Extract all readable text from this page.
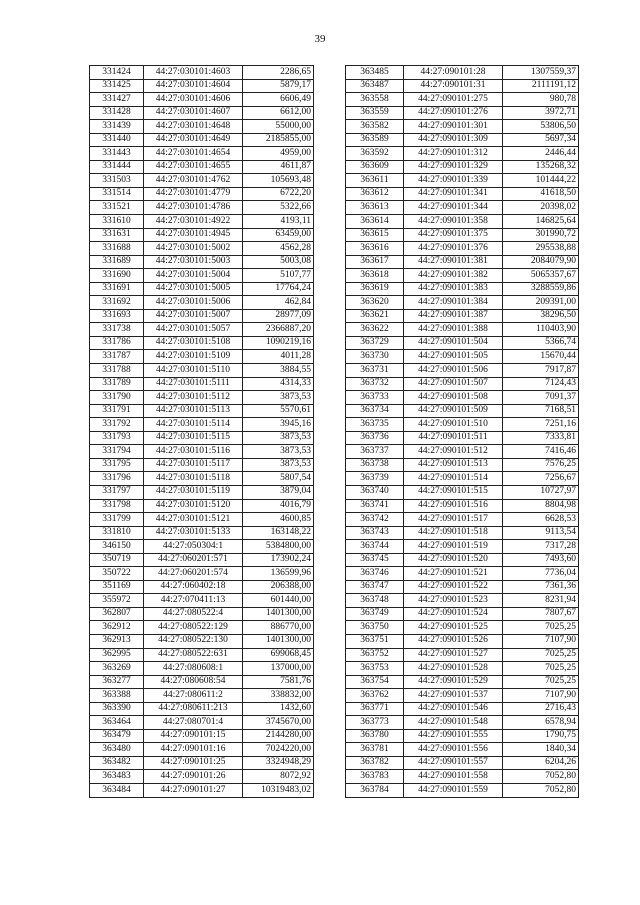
39
331424	44:27:030101:4603	2286,65
331425	44:27:030101:4604	5879,17
331427	44:27:030101:4606	6606,49
331428	44:27:030101:4607	6612,00
331439	44:27:030101:4648	55000,00
331440	44:27:030101:4649	2185855,00
331443	44:27:030101:4654	4959,00
331444	44:27:030101:4655	4611,87
331503	44:27:030101:4762	105693,48
331514	44:27:030101:4779	6722,20
331521	44:27:030101:4786	5322,66
331610	44:27:030101:4922	4193,11
331631	44:27:030101:4945	63459,00
331688	44:27:030101:5002	4562,28
331689	44:27:030101:5003	5003,08
331690	44:27:030101:5004	5107,77
331691	44:27:030101:5005	17764,24
331692	44:27:030101:5006	462,84
331693	44:27:030101:5007	28977,09
331738	44:27:030101:5057	2366887,20
331786	44:27:030101:5108	1090219,16
331787	44:27:030101:5109	4011,28
331788	44:27:030101:5110	3884,55
331789	44:27:030101:5111	4314,33
331790	44:27:030101:5112	3873,53
331791	44:27:030101:5113	5570,61
331792	44:27:030101:5114	3945,16
331793	44:27:030101:5115	3873,53
331794	44:27:030101:5116	3873,53
331795	44:27:030101:5117	3873,53
331796	44:27:030101:5118	5807,54
331797	44:27:030101:5119	3879,04
331798	44:27:030101:5120	4016,79
331799	44:27:030101:5121	4600,85
331810	44:27:030101:5133	163148,22
346150	44:27:050304:1	5384800,00
350719	44:27:060201:571	173902,24
350722	44:27:060201:574	136599,96
351169	44:27:060402:18	206388,00
355972	44:27:070411:13	601440,00
362807	44:27:080522:4	1401300,00
362912	44:27:080522:129	886770,00
362913	44:27:080522:130	1401300,00
362995	44:27:080522:631	699068,45
363269	44:27:080608:1	137000,00
363277	44:27:080608:54	7581,76
363388	44:27:080611:2	338832,00
363390	44:27:080611:213	1432,60
363464	44:27:080701:4	3745670,00
363479	44:27:090101:15	2144280,00
363480	44:27:090101:16	7024220,00
363482	44:27:090101:25	3324948,29
363483	44:27:090101:26	8072,92
363484	44:27:090101:27	10319483,02
363485	44:27:090101:28	1307559,37
363487	44:27:090101:31	2111191,12
363558	44:27:090101:275	980,78
363559	44:27:090101:276	3972,71
363582	44:27:090101:301	53806,50
363589	44:27:090101:309	5697,34
363592	44:27:090101:312	2446,44
363609	44:27:090101:329	135268,32
363611	44:27:090101:339	101444,22
363612	44:27:090101:341	41618,50
363613	44:27:090101:344	20398,02
363614	44:27:090101:358	146825,64
363615	44:27:090101:375	301990,72
363616	44:27:090101:376	295538,88
363617	44:27:090101:381	2084079,90
363618	44:27:090101:382	5065357,67
363619	44:27:090101:383	3288559,86
363620	44:27:090101:384	209391,00
363621	44:27:090101:387	38296,50
363622	44:27:090101:388	110403,90
363729	44:27:090101:504	5366,74
363730	44:27:090101:505	15670,44
363731	44:27:090101:506	7917,87
363732	44:27:090101:507	7124,43
363733	44:27:090101:508	7091,37
363734	44:27:090101:509	7168,51
363735	44:27:090101:510	7251,16
363736	44:27:090101:511	7333,81
363737	44:27:090101:512	7416,46
363738	44:27:090101:513	7576,25
363739	44:27:090101:514	7256,67
363740	44:27:090101:515	10727,97
363741	44:27:090101:516	8804,98
363742	44:27:090101:517	6628,53
363743	44:27:090101:518	9113,54
363744	44:27:090101:519	7317,28
363745	44:27:090101:520	7493,60
363746	44:27:090101:521	7736,04
363747	44:27:090101:522	7361,36
363748	44:27:090101:523	8231,94
363749	44:27:090101:524	7807,67
363750	44:27:090101:525	7025,25
363751	44:27:090101:526	7107,90
363752	44:27:090101:527	7025,25
363753	44:27:090101:528	7025,25
363754	44:27:090101:529	7025,25
363762	44:27:090101:537	7107,90
363771	44:27:090101:546	2716,43
363773	44:27:090101:548	6578,94
363780	44:27:090101:555	1790,75
363781	44:27:090101:556	1840,34
363782	44:27:090101:557	6204,26
363783	44:27:090101:558	7052,80
363784	44:27:090101:559	7052,80
